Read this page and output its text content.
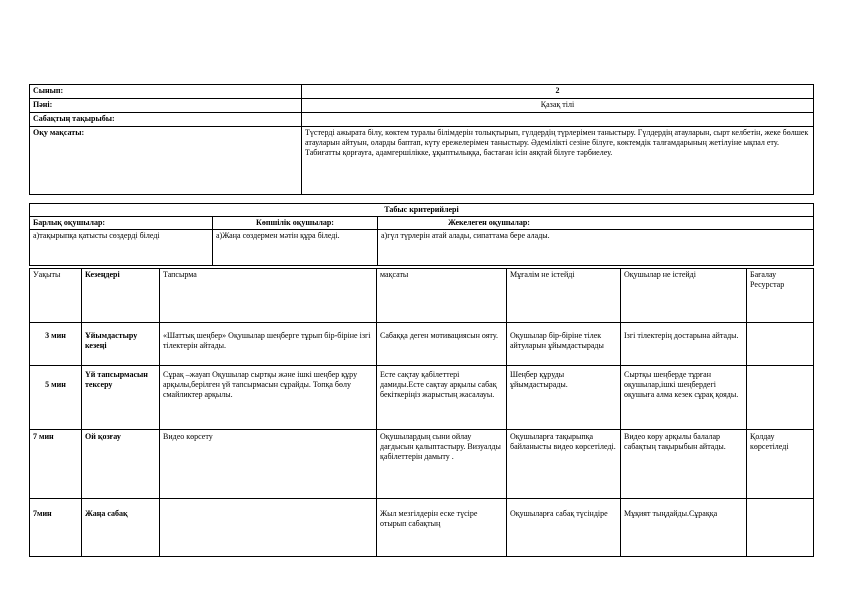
Сынып:	2
Пәні:	Қазақ тілі
Сабақтың тақырыбы:	
Оқу мақсаты:	Түстерді ажырата білу, көктем туралы білімдерін толықтырып, гүлдердің түрлерімен таныстыру. Гүлдердің атауларын, сырт келбетін, жеке бөлшек атауларын айтуын, оларды баптап, күту ережелерімен таныстыру. Әдемілікті сезіне білуге, көктемдік талғамдарының жетілуіне ықпал ету. Табиғатты қорғауға, адамгершілікке, ұқыптылыққа, бастаған ісін аяқтай білуге тәрбиелеу.
Табыс критерийлері		
Барлық оқушылар:	Көпшілік оқушылар:	Жекелеген оқушылар:
а)тақырыпқа қатысты сөздерді біледі	а)Жаңа сөздермен мәтін құра біледі.	а)гүл түрлерін атай алады, сипаттама бере алады.
Уақыты	Кезеңдері	Тапсырма	мақсаты	Мұғалім не істейді	Оқушылар не істейді	Бағалау Ресурстар
3 мин	Ұйымдастыру кезеңі	«Шаттық шеңбер» Оқушылар шеңберге тұрып бір-біріне ізгі тілектерін айтады.	Сабаққа деген мотивациясын ояту.	Оқушылар бір-біріне тілек айтуларын ұйымдастырады	Ізгі тілектерің достарына айтады.	
5 мин	Үй тапсырмасын тексеру	Сұрақ –жауап Оқушылар сыртқы және ішкі шеңбер құру арқылы,берілген үй тапсырмасын сұрайды. Топқа бөлу смайликтер арқылы.	Есте сақтау қабілеттері дамиды.Есте сақтау арқылы сабақ бекіткеріңіз жарыстың жасалауы.	Шеңбер құруды ұйымдастырады.	Сыртқы шеңберде тұрған оқушылар,ішкі шеңбердегі оқушыға алма кезек сұрақ қояды.	
7 мин	Ой қозғау	Видео көрсету	Оқушылардың сыни ойлау дағдысын қалыптастыру. Визуалды қабілеттерін дамыту .	Оқушыларға тақырыпқа байланысты видео көрсетіледі.	Видео көру арқылы балалар сабақтың тақырыбын айтады.	Қолдау көрсетіледі
7мин	Жаңа сабақ		Жыл мезгілдерін еске түсіре отырып сабақтың	Оқушыларға сабақ түсіндіре	Мұқият тыңдайды.Сұраққа	
